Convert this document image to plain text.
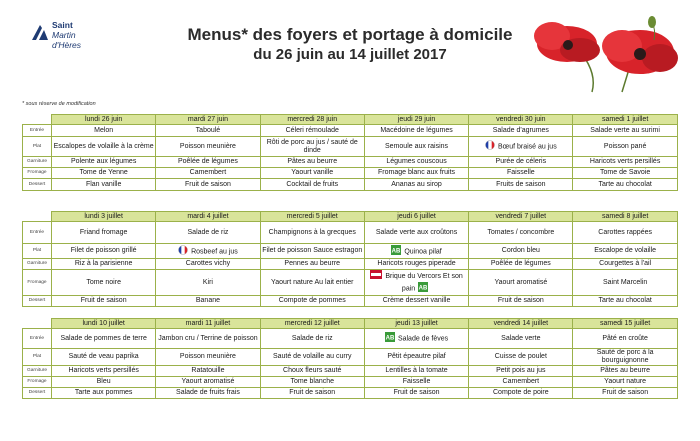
Saint
Martin
d'Hères
Menus* des foyers et portage à domicile
du 26 juin au 14 juillet 2017
* sous réserve de modification
	lundi 26 juin	mardi 27 juin	mercredi 28 juin	jeudi 29 juin	vendredi 30 juin	samedi 1 juillet
Entrée	Melon	Taboulé	Céleri rémoulade	Macédoine de légumes	Salade d'agrumes	Salade verte au surimi
Plat	Escalopes de volaille à la crème	Poisson meunière	Rôti de porc au jus / sauté de dinde	Semoule aux raisins	Bœuf braisé au jus	Poisson pané
Garniture	Polente aux légumes	Poêlée de légumes	Pâtes au beurre	Légumes couscous	Purée de céleris	Haricots verts persillés
Fromage	Tome de Yenne	Camembert	Yaourt vanille	Fromage blanc aux fruits	Faisselle	Tome de Savoie
Dessert	Flan vanille	Fruit de saison	Cocktail de fruits	Ananas au sirop	Fruits de saison	Tarte au chocolat
	lundi 3 juillet	mardi 4 juillet	mercredi 5 juillet	jeudi 6 juillet	vendredi 7 juillet	samedi 8 juillet
Entrée	Friand fromage	Salade de riz	Champignons à la grecques	Salade verte aux croûtons	Tomates / concombre	Carottes rappées
Plat	Filet de poisson grillé	Rosbeef au jus	Filet de poisson Sauce estragon	AB Quinoa pilaf	Cordon bleu	Escalope de volaille
Garniture	Riz à la parisienne	Carottes vichy	Pennes au beurre	Haricots rouges piperade	Poêlée de légumes	Courgettes à l'ail
Fromage	Tome noire	Kiri	Yaourt nature Au lait entier	Brique du Vercors Et son pain AB	Yaourt aromatisé	Saint Marcelin
Dessert	Fruit de saison	Banane	Compote de pommes	Crème dessert vanille	Fruit de saison	Tarte au chocolat
	lundi 10 juillet	mardi 11 juillet	mercredi 12 juillet	jeudi 13 juillet	vendredi 14 juillet	samedi 15 juillet
Entrée	Salade de pommes de terre	Jambon cru / Terrine de poisson	Salade de riz	AB Salade de fèves	Salade verte	Pâté en croûte
Plat	Sauté de veau paprika	Poisson meunière	Sauté de volaille au curry	Pêtit épeautre pilaf	Cuisse de poulet	Sauté de porc à la bourguignonne
Garniture	Haricots verts persillés	Ratatouille	Choux fleurs sauté	Lentilles à la tomate	Petit pois au jus	Pâtes au beurre
Fromage	Bleu	Yaourt aromatisé	Tome blanche	Faisselle	Camembert	Yaourt nature
Dessert	Tarte aux pommes	Salade de fruits frais	Fruit de saison	Fruit de saison	Compote de poire	Fruit de saison
